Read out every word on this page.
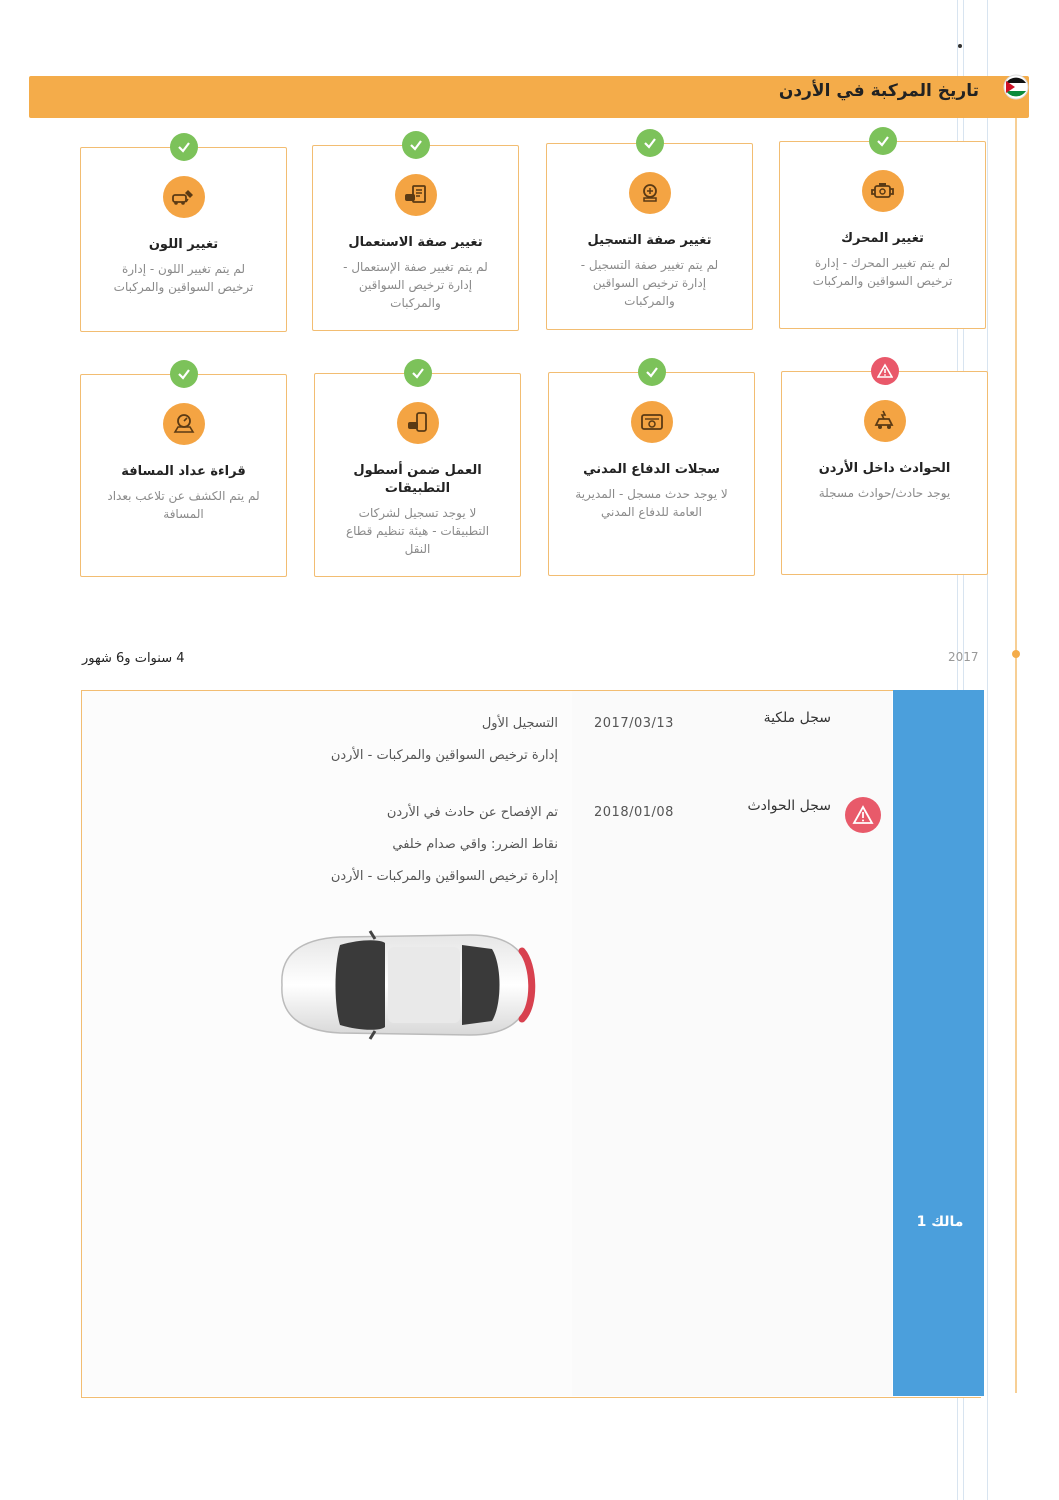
تاريخ المركبة في الأردن
تغيير المحرك
لم يتم تغيير المحرك - إدارة ترخيص السواقين والمركبات
تغيير صفة التسجيل
لم يتم تغيير صفة التسجيل - إدارة ترخيص السواقين والمركبات
تغيير صفة الاستعمال
لم يتم تغيير صفة الإستعمال - إدارة ترخيص السواقين والمركبات
تغيير اللون
لم يتم تغيير اللون - إدارة ترخيص السواقين والمركبات
الحوادث داخل الأردن
يوجد حادث/حوادث مسجلة
سجلات الدفاع المدني
لا يوجد حدث مسجل - المديرية العامة للدفاع المدني
العمل ضمن أسطول التطبيقات
لا يوجد تسجيل لشركات التطبيقات - هيئة تنظيم قطاع النقل
قراءة عداد المسافة
لم يتم الكشف عن تلاعب بعداد المسافة
2017
4 سنوات و6 شهور
مالك 1
سجل ملكية
2017/03/13
التسجيل الأول
إدارة ترخيص السواقين والمركبات - الأردن
سجل الحوادث
2018/01/08
تم الإفصاح عن حادث في الأردن
نقاط الضرر: واقي صدام خلفي
إدارة ترخيص السواقين والمركبات - الأردن
